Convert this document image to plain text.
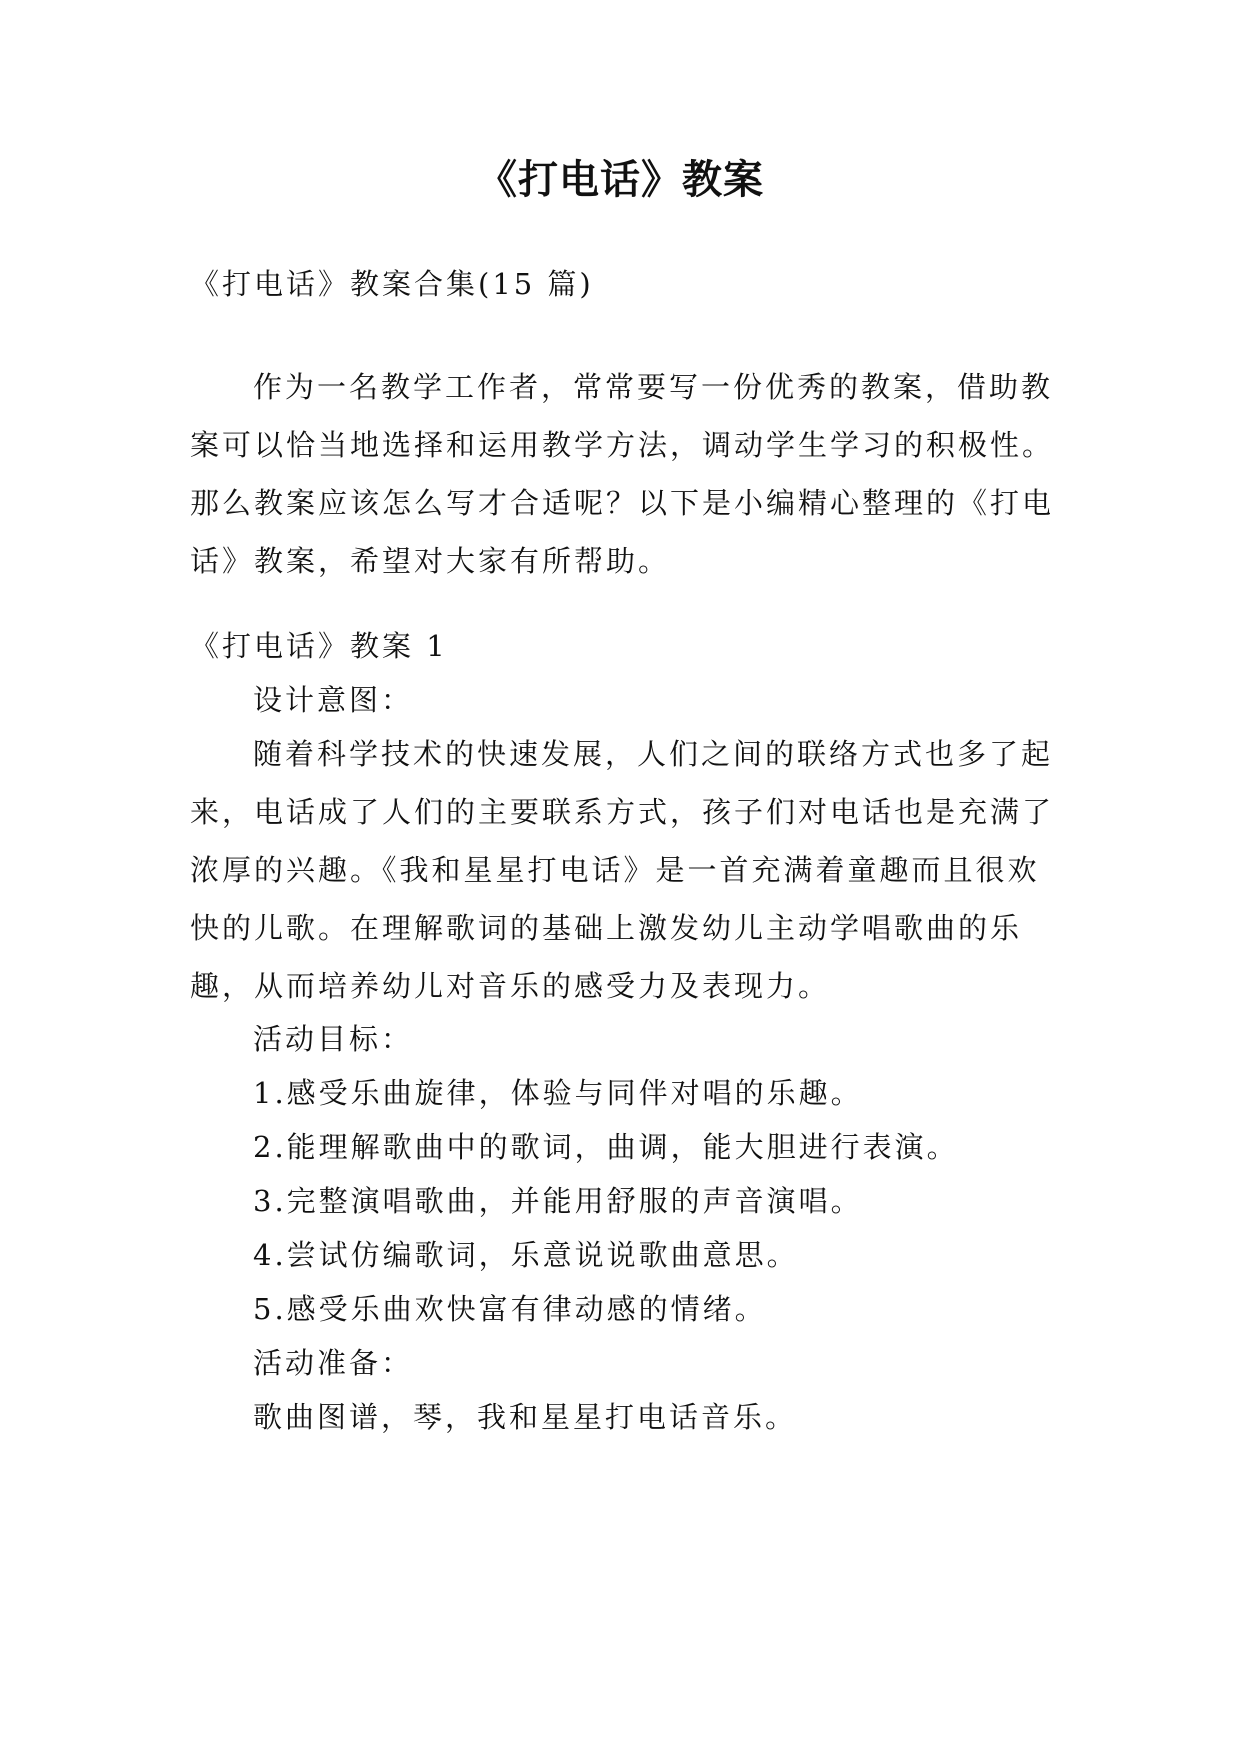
《打电话》教案
《打电话》教案合集(15 篇)

作为一名教学工作者，常常要写一份优秀的教案，借助教案可以恰当地选择和运用教学方法，调动学生学习的积极性。那么教案应该怎么写才合适呢？以下是小编精心整理的《打电话》教案，希望对大家有所帮助。

《打电话》教案 1
设计意图：

随着科学技术的快速发展，人们之间的联络方式也多了起来，电话成了人们的主要联系方式，孩子们对电话也是充满了浓厚的兴趣。《我和星星打电话》是一首充满着童趣而且很欢快的儿歌。在理解歌词的基础上激发幼儿主动学唱歌曲的乐趣，从而培养幼儿对音乐的感受力及表现力。

活动目标：
1.感受乐曲旋律，体验与同伴对唱的乐趣。
2.能理解歌曲中的歌词，曲调，能大胆进行表演。
3.完整演唱歌曲，并能用舒服的声音演唱。
4.尝试仿编歌词，乐意说说歌曲意思。
5.感受乐曲欢快富有律动感的情绪。
活动准备：
歌曲图谱，琴，我和星星打电话音乐。
